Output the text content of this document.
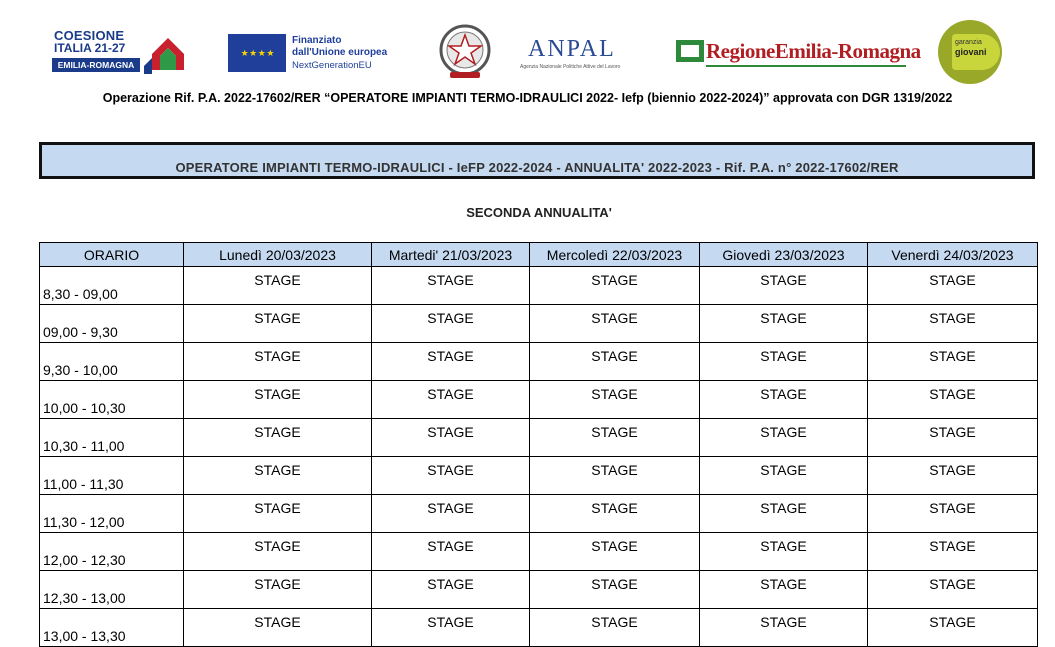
COESIONE
ITALIA 21-27
EMILIA-ROMAGNA
★ ★ ★ ★
Finanziato
dall'Unione europea
NextGenerationEU
ANPAL
Agenzia Nazionale Politiche Attive del Lavoro
RegioneEmilia-Romagna	garanzia
giovani
Operazione Rif. P.A. 2022-17602/RER “OPERATORE IMPIANTI TERMO-IDRAULICI 2022- Iefp (biennio 2022-2024)” approvata con DGR 1319/2022
OPERATORE IMPIANTI TERMO-IDRAULICI - IeFP 2022-2024 - ANNUALITA' 2022-2023 - Rif. P.A. n° 2022-17602/RER
SECONDA ANNUALITA'
ORARIO	Lunedì 20/03/2023	Martedi' 21/03/2023	Mercoledì 22/03/2023	Giovedì 23/03/2023	Venerdì 24/03/2023
8,30 - 09,00	STAGE	STAGE	STAGE	STAGE	STAGE
09,00 - 9,30	STAGE	STAGE	STAGE	STAGE	STAGE
9,30 - 10,00	STAGE	STAGE	STAGE	STAGE	STAGE
10,00 - 10,30	STAGE	STAGE	STAGE	STAGE	STAGE
10,30 - 11,00	STAGE	STAGE	STAGE	STAGE	STAGE
11,00 - 11,30	STAGE	STAGE	STAGE	STAGE	STAGE
11,30 - 12,00	STAGE	STAGE	STAGE	STAGE	STAGE
12,00 - 12,30	STAGE	STAGE	STAGE	STAGE	STAGE
12,30 - 13,00	STAGE	STAGE	STAGE	STAGE	STAGE
13,00 - 13,30	STAGE	STAGE	STAGE	STAGE	STAGE
